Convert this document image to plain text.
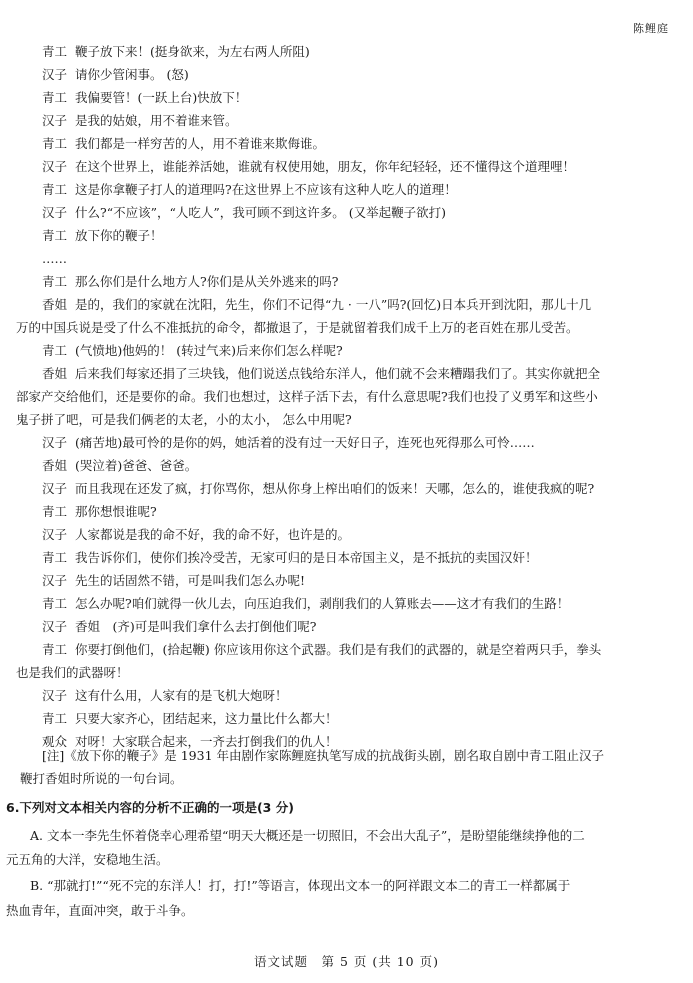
陈鲤庭
青工 鞭子放下来！(挺身欲来，为左右两人所阻)
汉子 请你少管闲事。 (怒)
青工 我偏要管！(一跃上台)快放下！
汉子 是我的姑娘，用不着谁来管。
青工 我们都是一样穷苦的人，用不着谁来欺侮谁。
汉子 在这个世界上，谁能养活她，谁就有权使用她，朋友，你年纪轻轻，还不懂得这个道理哩！
青工 这是你拿鞭子打人的道理吗?在这世界上不应该有这种人吃人的道理！
汉子 什么?“不应该”，“人吃人”，我可顾不到这许多。 (又举起鞭子欲打)
青工 放下你的鞭子！
……
青工 那么你们是什么地方人?你们是从关外逃来的吗?
香姐 是的，我们的家就在沈阳，先生，你们不记得“九 · 一八”吗?(回忆)日本兵开到沈阳，那儿十几
万的中国兵说是受了什么不准抵抗的命令，都撤退了，于是就留着我们成千上万的老百姓在那儿受苦。
青工 (气愤地)他妈的！ (转过气来)后来你们怎么样呢?
香姐 后来我们每家还捐了三块钱，他们说送点钱给东洋人，他们就不会来糟蹋我们了。其实你就把全
部家产交给他们，还是要你的命。我们也想过，这样子活下去，有什么意思呢?我们也投了义勇军和这些小
鬼子拼了吧，可是我们俩老的太老，小的太小， 怎么中用呢?
汉子 (痛苦地)最可怜的是你的妈，她活着的没有过一天好日子，连死也死得那么可怜……
香姐 (哭泣着)爸爸、爸爸。
汉子 而且我现在还发了疯，打你骂你，想从你身上榨出咱们的饭来！天哪，怎么的，谁使我疯的呢?
青工 那你想恨谁呢?
汉子 人家都说是我的命不好，我的命不好，也许是的。
青工 我告诉你们，使你们挨冷受苦，无家可归的是日本帝国主义，是不抵抗的卖国汉奸！
汉子 先生的话固然不错，可是叫我们怎么办呢!
青工 怎么办呢?咱们就得一伙儿去，向压迫我们，剥削我们的人算账去——这才有我们的生路！
汉子 香姐　(齐)可是叫我们拿什么去打倒他们呢?
青工 你要打倒他们，(拾起鞭) 你应该用你这个武器。我们是有我们的武器的，就是空着两只手，拳头
也是我们的武器呀！
汉子 这有什么用，人家有的是飞机大炮呀！
青工 只要大家齐心，团结起来，这力量比什么都大！
观众 对呀！大家联合起来，一齐去打倒我们的仇人！
[注]《放下你的鞭子》是 1931 年由剧作家陈鲤庭执笔写成的抗战街头剧，剧名取自剧中青工阻止汉子
鞭打香姐时所说的一句台词。
6.下列对文本相关内容的分析不正确的一项是(3 分)
A. 文本一李先生怀着侥幸心理希望“明天大概还是一切照旧，不会出大乱子”，是盼望能继续挣他的二
元五角的大洋，安稳地生活。
B. “那就打!”“死不完的东洋人！打，打!”等语言，体现出文本一的阿祥跟文本二的青工一样都属于
热血青年，直面冲突，敢于斗争。
语文试题　第 5 页 (共 10 页)
